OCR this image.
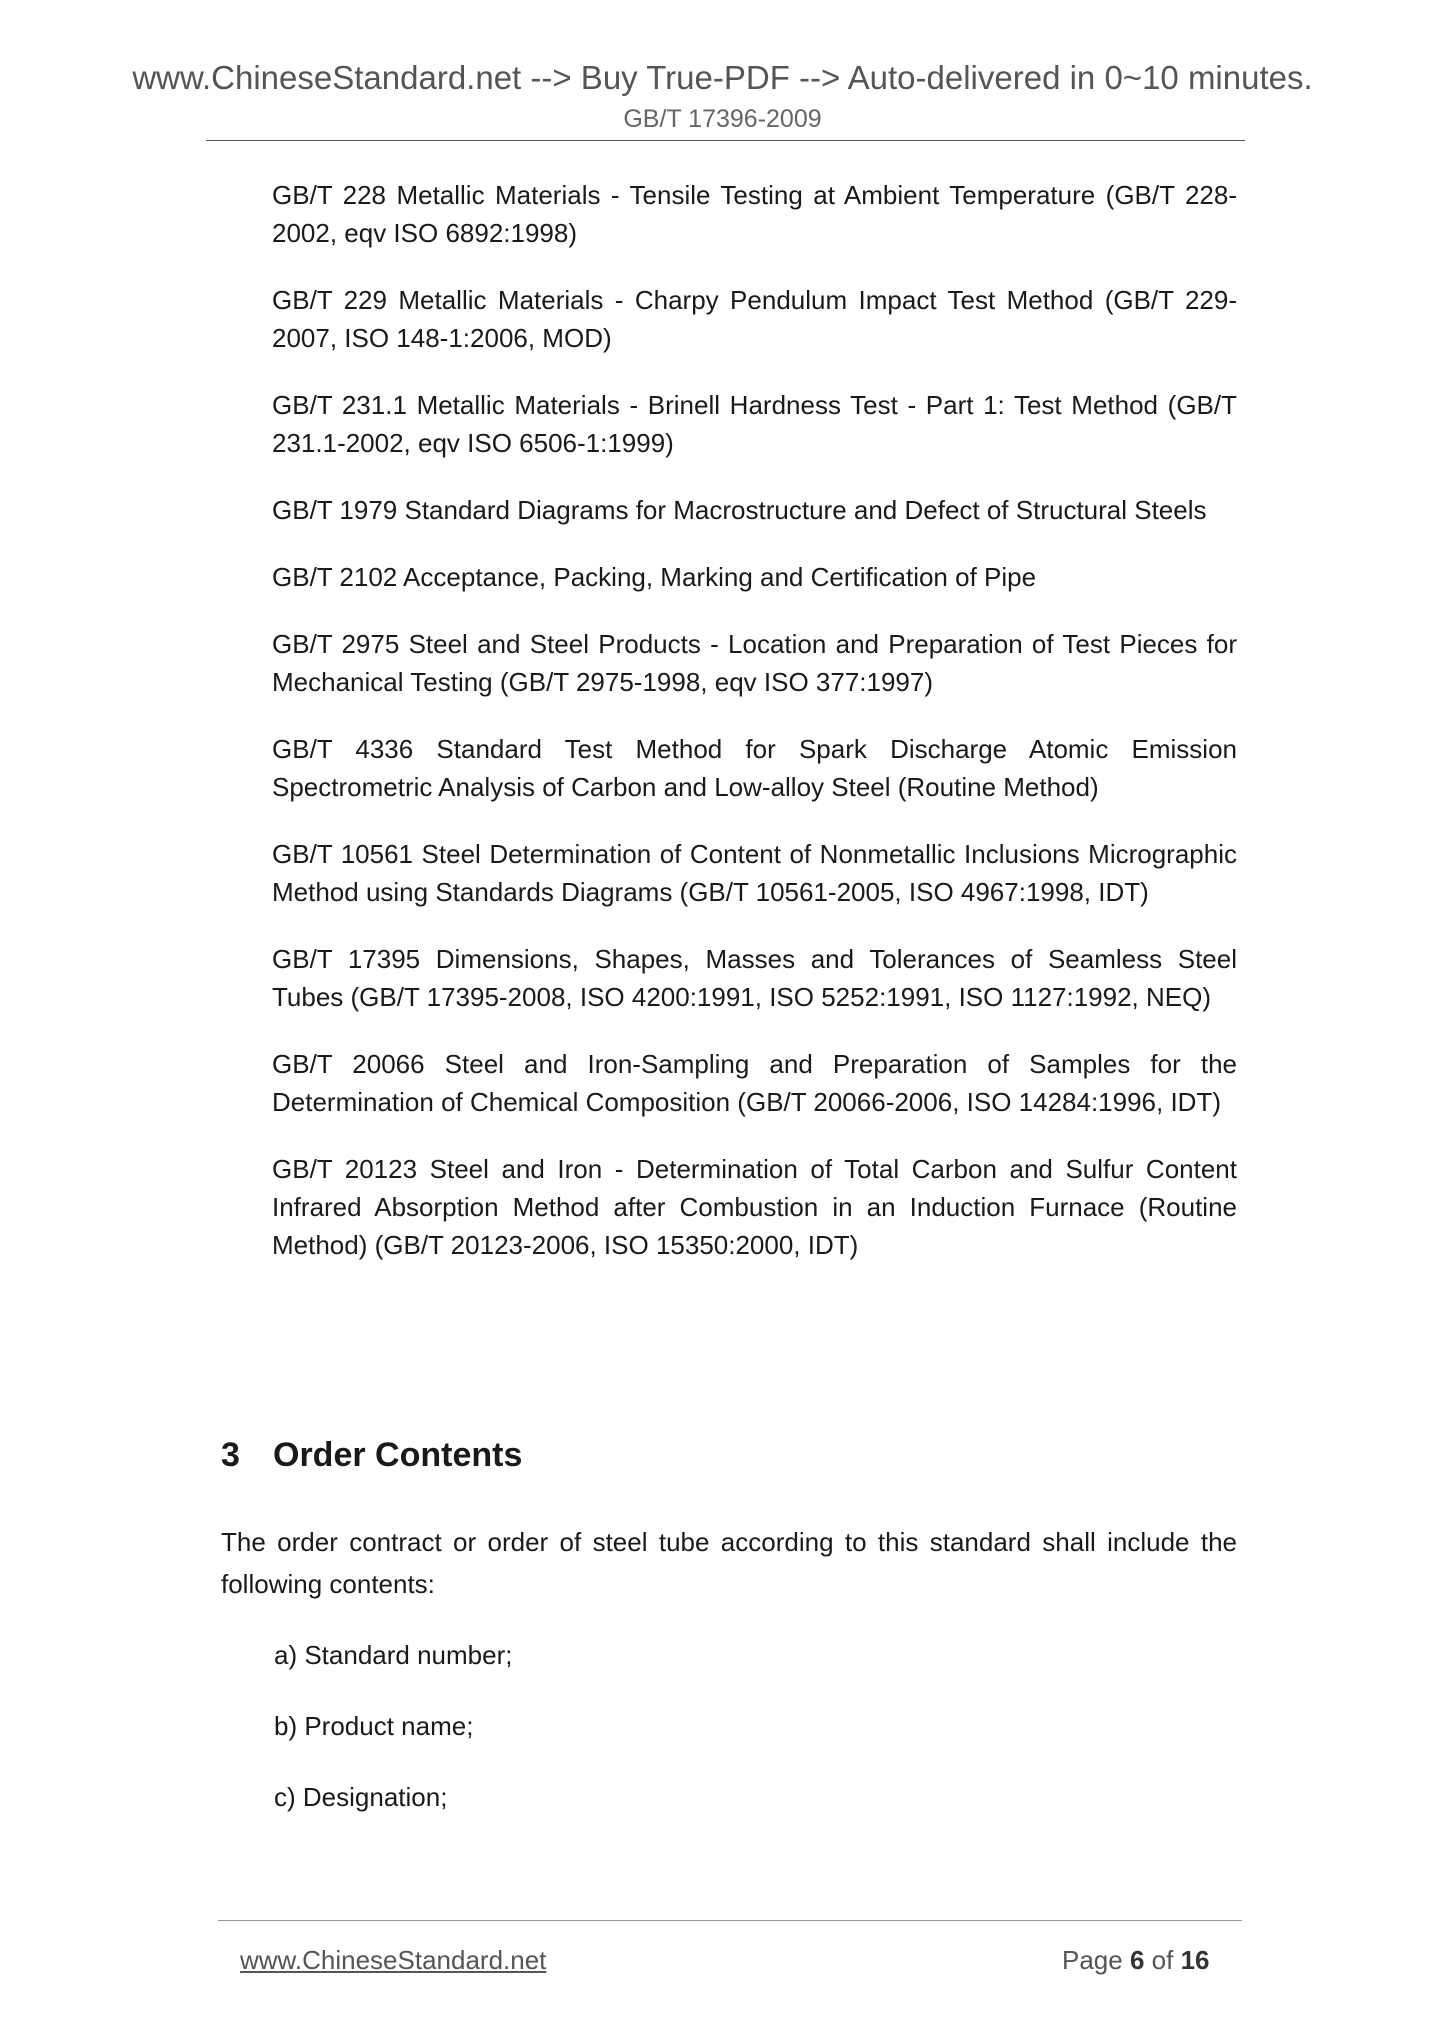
www.ChineseStandard.net --> Buy True-PDF --> Auto-delivered in 0~10 minutes.
GB/T 17396-2009

GB/T 228 Metallic Materials - Tensile Testing at Ambient Temperature (GB/T 228-2002, eqv ISO 6892:1998)

GB/T 229 Metallic Materials - Charpy Pendulum Impact Test Method (GB/T 229-2007, ISO 148-1:2006, MOD)

GB/T 231.1 Metallic Materials - Brinell Hardness Test - Part 1: Test Method (GB/T 231.1-2002, eqv ISO 6506-1:1999)

GB/T 1979 Standard Diagrams for Macrostructure and Defect of Structural Steels

GB/T 2102 Acceptance, Packing, Marking and Certification of Pipe

GB/T 2975 Steel and Steel Products - Location and Preparation of Test Pieces for Mechanical Testing (GB/T 2975-1998, eqv ISO 377:1997)

GB/T 4336 Standard Test Method for Spark Discharge Atomic Emission Spectrometric Analysis of Carbon and Low-alloy Steel (Routine Method)

GB/T 10561 Steel Determination of Content of Nonmetallic Inclusions Micrographic Method using Standards Diagrams (GB/T 10561-2005, ISO 4967:1998, IDT)

GB/T 17395 Dimensions, Shapes, Masses and Tolerances of Seamless Steel Tubes (GB/T 17395-2008, ISO 4200:1991, ISO 5252:1991, ISO 1127:1992, NEQ)

GB/T 20066 Steel and Iron-Sampling and Preparation of Samples for the Determination of Chemical Composition (GB/T 20066-2006, ISO 14284:1996, IDT)

GB/T 20123 Steel and Iron - Determination of Total Carbon and Sulfur Content Infrared Absorption Method after Combustion in an Induction Furnace (Routine Method) (GB/T 20123-2006, ISO 15350:2000, IDT)

3 Order Contents

The order contract or order of steel tube according to this standard shall include the following contents:

a) Standard number;
b) Product name;
c) Designation;
www.ChineseStandard.net	Page 6 of 16
